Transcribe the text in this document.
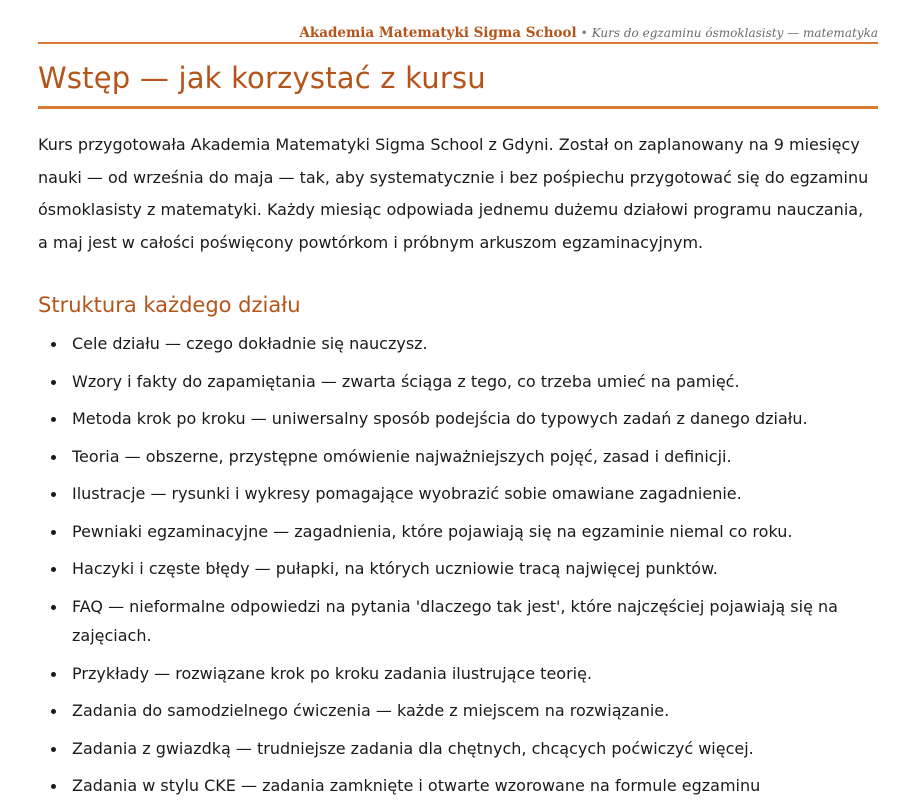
Akademia Matematyki Sigma School • Kurs do egzaminu ósmoklasisty — matematyka
Wstęp — jak korzystać z kursu

Kurs przygotowała Akademia Matematyki Sigma School z Gdyni. Został on zaplanowany na 9 miesięcy nauki — od września do maja — tak, aby systematycznie i bez pośpiechu przygotować się do egzaminu ósmoklasisty z matematyki. Każdy miesiąc odpowiada jednemu dużemu działowi programu nauczania, a maj jest w całości poświęcony powtórkom i próbnym arkuszom egzaminacyjnym.

Struktura każdego działu
Cele działu — czego dokładnie się nauczysz.
Wzory i fakty do zapamiętania — zwarta ściąga z tego, co trzeba umieć na pamięć.
Metoda krok po kroku — uniwersalny sposób podejścia do typowych zadań z danego działu.
Teoria — obszerne, przystępne omówienie najważniejszych pojęć, zasad i definicji.
Ilustracje — rysunki i wykresy pomagające wyobrazić sobie omawiane zagadnienie.
Pewniaki egzaminacyjne — zagadnienia, które pojawiają się na egzaminie niemal co roku.
Haczyki i częste błędy — pułapki, na których uczniowie tracą najwięcej punktów.
FAQ — nieformalne odpowiedzi na pytania 'dlaczego tak jest', które najczęściej pojawiają się na zajęciach.
Przykłady — rozwiązane krok po kroku zadania ilustrujące teorię.
Zadania do samodzielnego ćwiczenia — każde z miejscem na rozwiązanie.
Zadania z gwiazdką — trudniejsze zadania dla chętnych, chcących poćwiczyć więcej.
Zadania w stylu CKE — zadania zamknięte i otwarte wzorowane na formule egzaminu
